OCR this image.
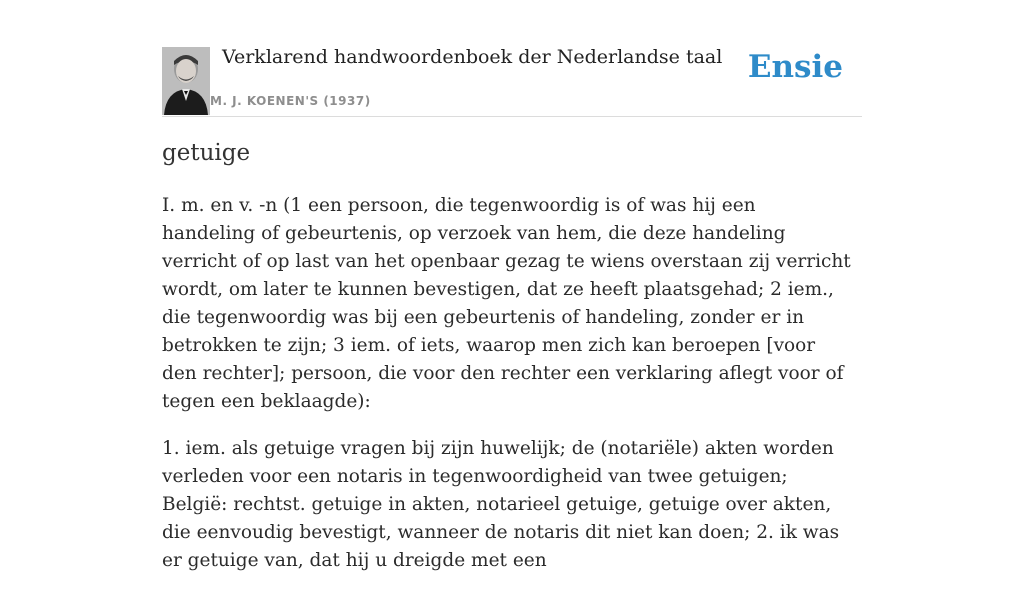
Verklarend handwoordenboek der Nederlandse taal
M. J. KOENEN'S (1937)
Ensie
getuige

I. m. en v. -n (1 een persoon, die tegenwoordig is of was hij een handeling of gebeurtenis, op verzoek van hem, die deze handeling verricht of op last van het openbaar gezag te wiens overstaan zij verricht wordt, om later te kunnen bevestigen, dat ze heeft plaatsgehad; 2 iem., die tegenwoordig was bij een gebeurtenis of handeling, zonder er in betrokken te zijn; 3 iem. of iets, waarop men zich kan beroepen [voor den rechter]; persoon, die voor den rechter een verklaring aflegt voor of tegen een beklaagde):

1. iem. als getuige vragen bij zijn huwelijk; de (notariële) akten worden verleden voor een notaris in tegenwoordigheid van twee getuigen; België: rechtst. getuige in akten, notarieel getuige, getuige over akten, die eenvoudig bevestigt, wanneer de notaris dit niet kan doen; 2. ik was er getuige van, dat hij u dreigde met een
